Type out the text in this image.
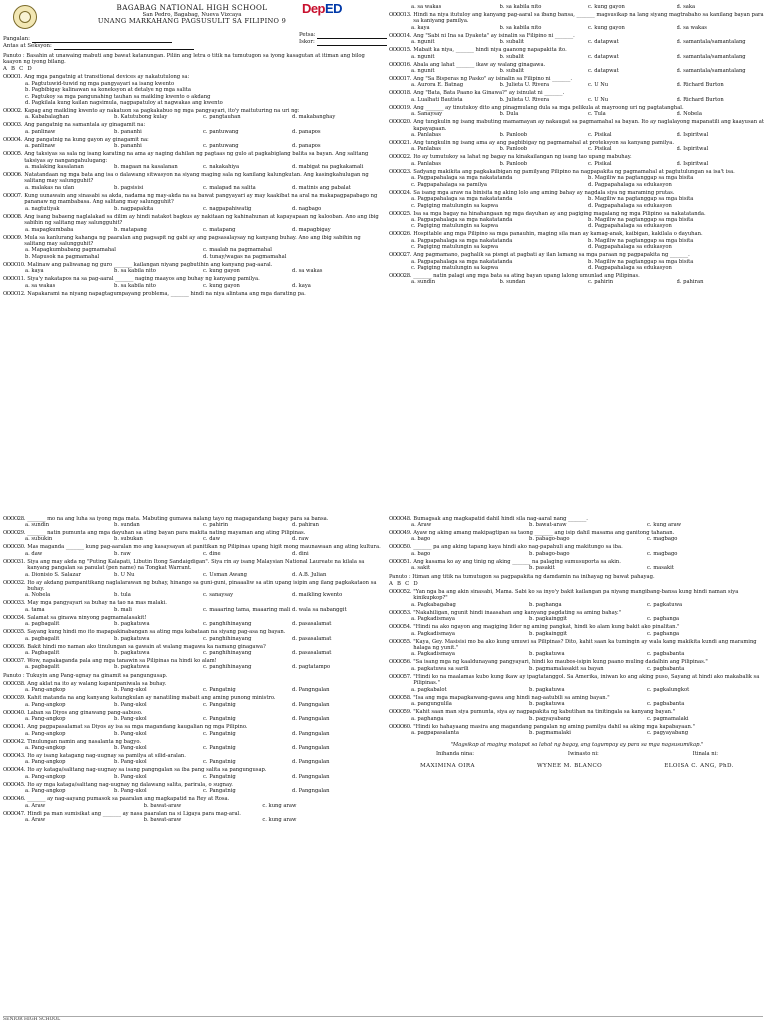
DepED
BAGABAG NATIONAL HIGH SCHOOL
San Pedro, Bagabag, Nueva Vizcaya
UNANG MARKAHANG PAGSUSULIT SA FILIPINO 9
Pangalan:
Antas at Seksyon:
Panuto : Basahin at unawaing mabuti ang bawat katanungan. Piliin ang letra o titik na tumutugon sa iyong kasagutan at itiman ang bilog kaayon ng iyong bilang.
A B C D
OOOO1. Ang mga pangatnig at transitional devices ay nakatutulong sa:
a. Pagtutuwid-tuwid ng mga pangyayari sa isang kwento
b. Pagbibigay kalinawan sa koneksyon at detalye ng mga salita
c. Pagtukoy sa mga pangunahing tauhan sa maikling kwento o akdang
d. Pagkilala kung kailan nagsimula, nagpapatuloy at nagwakas ang kwento
OOOO2. Kapag ang maikling kwento ay nakatuon sa pagkakabuo ng mga pangyayari, ito'y maituturing na uri ng:
a. Kababalaghan	b. Katutubong kulay	c. pangtauhan	d. makabanghay
OOOO3. Ang pangatnig na samantala ay ginagamit na:
a. panlinaw	b. pananhi	c. pantuwang	d. panapos
OOOO4. Ang pangatnig na kung gayon ay ginagamit na:
a. panlinaw	b. pananhi	c. pantuwang	d. panapos
OOOO5. Ang taksiyas sa sala ng isang karating na ama ay naging dahilan ng pagtaas ng gulo at pagkabiglang balita sa bayan. Ang salitang taksiyas ay nangangahulugang:
a. malaking kasalanan	b. magaan na kasalanan	c. nakakahiya	d. mabigat na pagkakamali
OOOO6. Natatandaan ng mga bata ang isa o dalawang sitwasyon na siyang maging sala ng kanilang kalungkutan. Ang kasingkahulugan ng salitang may salungguhit?
a. malakas na ulan	b. pagsisisi	c. malapad na salita	d. matinis ang pabalat
OOOO7. Kung uunawain ang sinasabi sa akda, nadama ng may-akda na sa bawat pangyayari ay may kaakibat na aral na makapagpapabago ng pananaw ng mambabasa. Ang salitang may salungguhit?
a. nagtutiyak	b. nagpapakita	c. nagpapahiwatig	d. nagbago
OOOO8. Ang isang babaeng naglalakad sa dilim ay hindi natakot bagkus ay nakitaan ng kahinahunan at kapayapaan ng kalooban. Ano ang ibig sabihin ng salitang may salungguhit?
a. mapagkumbaba	b. matapang	c. matapang	d. mapagbigay
OOOO9. Mula sa kanlurang kahanga ng paaralan ang pagsapit ng gabi ay ang pagsasalaysay ng kanyang buhay. Ano ang ibig sabihin ng salitang may salungguhit?
a. Mapagkumbabang pagmamahal	c. maalab na pagmamahal
b. Mapusok na pagmamahal	d. tunay/wagas na pagmamahal
OOOO10. Malinaw ang paliwanag ng guro _______ kailangan niyang pagbutihin ang kanyang pag-aaral.
a. kaya	b. sa kabila nito	c. kung gayon	d. sa wakas
OOOO11. Siya'y nakatapos na sa pag-aaral _______ naging maayos ang buhay ng kanyang pamilya.
a. sa wakas	b. sa kabila nito	c. kung gayon	d. kaya
OOOO12. Napakarami na niyang napagtagumpayang problema, _______ hindi na niya alintana ang mga darating pa.
Petsa:
Iskor:
a. sa wakas	b. sa kabila nito	c. kung gayon	d. saka
OOOO13. Hindi na niya itutuloy ang kanyang pag-aaral sa ibang bansa, _______ magsusikap na lang siyang magtrabaho sa kanilang bayan para sa kaniyang pamilya.
a. kaya	b. sa kabila nito	c. kung gayon	d. sa wakas
OOOO14. Ang "Sabi ni Ina sa Dyaketa" ay isinalin sa Filipino ni _______.
a. ngunit	b. subalit	c. datapwat	d. samantala/samantalang
OOOO15. Mabait ka niya, _______ hindi niya gaanong napapakita ito.
a. ngunit	b. subalit	c. datapwat	d. samantala/samantalang
OOOO16. Abala ang lahat _______ ikaw ay walang ginagawa.
a. ngunit	b. subalit	c. datapwat	d. samantala/samantalang
OOOO17. Ang "Sa Bisperas ng Pasko" ay isinalin sa Filipino ni _______.
a. Aurora E. Batnag	b. Julieta U. Rivera	c. U Nu	d. Richard Burton
OOOO18. Ang "Bata, Bata Paano ka Ginawa?" ay isinulat ni _______.
a. Lualhati Bautista	b. Julieta U. Rivera	c. U Nu	d. Richard Burton
OOOO19. Ang _______ ay tinutukoy dito ang pinagmulang dula sa mga pelikula at mayroong uri ng pagtatanghal.
a. Sanaysay	b. Dula	c. Tula	d. Nobela
OOOO20. Ang tungkulin ng isang mabuting mamamayan ay nakaugat sa pagmamahal sa bayan. Ito ay naglalayong mapanatili ang kaayusan at kapayapaan.
a. Panlabas	b. Panloob	c. Pisikal	d. Ispiritwal
OOOO21. Ang tungkulin ng isang ama ay ang pagbibigay ng pagmamahal at proteksyon sa kanyang pamilya.
a. Panlabas	b. Panloob	c. Pisikal	d. Ispiritwal
OOOO22. Ito ay tumutukoy sa lahat ng bagay na kinakailangan ng isang tao upang mabuhay.
a. Panlabas	b. Panloob	c. Pisikal	d. Ispiritwal
OOOO23. Sadyang makikita ang pagkakaibigan ng pamilyang Pilipino na nagpapakita ng pagmamahal at pagtutulungan sa isa't isa.
a. Pagpapahalaga sa mga nakatatanda	b. Magiliw na pagtanggap sa mga bisita
c. Pagpapahalaga sa pamilya	d. Pagpapahalaga sa edukasyon
OOOO24. Sa isang mga araw na binisita ng aking lolo ang aming bahay ay nagdala siya ng maraming prutas.
a. Pagpapahalaga sa mga nakatatanda	b. Magiliw na pagtanggap sa mga bisita
c. Pagiging matulungin sa kapwa	d. Pagpapahalaga sa edukasyon
OOOO25. Isa sa mga bagay na hinahangaan ng mga dayuhan ay ang pagiging magalang ng mga Pilipino sa nakatatanda.
a. Pagpapahalaga sa mga nakatatanda	b. Magiliw na pagtanggap sa mga bisita
c. Pagiging matulungin sa kapwa	d. Pagpapahalaga sa edukasyon
OOOO26. Hospitable ang mga Pilipino sa mga panauhin, maging sila man ay kamag-anak, kaibigan, kakilala o dayuhan.
a. Pagpapahalaga sa mga nakatatanda	b. Magiliw na pagtanggap sa mga bisita
c. Pagiging matulungin sa kapwa	d. Pagpapahalaga sa edukasyon
OOOO27. Ang pagmamano, paghalik sa pisngi at pagbati ay ilan lamang sa mga paraan ng pagpapakita ng _______.
a. Pagpapahalaga sa mga nakatatanda	b. Magiliw na pagtanggap sa mga bisita
c. Pagiging matulungin sa kapwa	d. Pagpapahalaga sa edukasyon
OOOO28. _______ natin palagi ang mga bata sa ating bayan upang lalong umunlad ang Pilipinas.
a. sundin	b. sundan	c. pahirin	d. pahiran
OOOO28. _______ mo na ang luha sa iyong mga mata. Mabuting gumawa nalang tayo ng magagandang bagay para sa bansa.
a. sundin	b. sundan	c. pahirin	d. pahiran
OOOO29. _______ natin pumunta ang mga dayuhan sa ating bayan para makita nating mayaman ang ating Pilipinas.
a. subukin	b. subukan	c. daw	d. raw
OOOO30. Mas maganda _______ kung pag-aaralan mo ang kasaysayan at panitikan ng Pilipinas upang higit mong maunawaan ang ating kultura.
a. daw	b. raw	c. dine	d. dini
OOOO31. Siya ang may akda ng "Puting Kalapati, Libutin Itong Sandaigdigan". Siya rin ay isang Malaysian National Laureate na kilala sa kanyang pangalan sa panulat (pen name) na Tongkat Warrant.
a. Dionisio S. Salazar	b. U Nu	c. Usman Awang	d. A.B. Julian
OOOO32. Ito ay akdang pampanitikang naglalarawan ng buhay, hinango sa guni-guni, pinaaaliw sa atin upang isipin ang ilang pagkakataon sa buhay.
a. Nobela	b. tula	c. sanaysay	d. maikling kwento
OOOO33. May mga pangyayari sa buhay na tao na mas malaki.
a. tama	b. mali	c. maaaring tama, maaaring mali d. wala sa nabanggit
OOOO34. Salamat sa ginawa ninyong pagmamalasakit!
a. pagbagalit	b. pagkatuwa	c. panghihinayang	d. pasasalamat
OOOO35. Sayang kung hindi mo ito mapapakinabangan sa ating mga kabataan na siyang pag-asa ng bayan.
a. pagbagalit	b. pagkatuwa	c. panghihinayang	d. pasasalamat
OOOO36. Bakit hindi mo naman ako tinulungan sa gawain at walang magawa ka namang ginagawa?
a. Pagbagalit	b. pagkatuwa	c. panghihinayang	d. pasasalamat
OOOO37. Wow, napakaganda pala ang mga tanawin sa Pilipinas na hindi ko alam!
a. pagbagalit	b. pagkatuwa	c. panghihinayang	d. pagtatampo
Panuto : Tukuyin ang Pang-ugnay na ginamit sa pangungusap.
OOOO38. Ang aklat na ito ay walang kapanipaniwala sa buhay.
a. Pang-angkop	b. Pang-ukol	c. Pangatnig	d. Pangngalan
OOOO39. Kahit matanda na ang kanyang katungkulan ay nanatiling mabait ang aming punong ministro.
a. Pang-angkop	b. Pang-ukol	c. Pangatnig	d. Pangngalan
OOOO40. Laban sa Diyos ang ginawang pang-aabuso.
a. Pang-angkop	b. Pang-ukol	c. Pangatnig	d. Pangngalan
OOOO41. Ang pagpapasalamat sa Diyos ay isa sa mga magandang kaugalian ng mga Pilipino.
a. Pang-angkop	b. Pang-ukol	c. Pangatnig	d. Pangngalan
OOOO42. Tinulungan namin ang nasalanta ng bagyo.
a. Pang-angkop	b. Pang-ukol	c. Pangatnig	d. Pangngalan
OOOO43. Ito ay isang katagang nag-uugnay sa pamilya at silid-aralan.
a. Pang-angkop	b. Pang-ukol	c. Pangatnig	d. Pangngalan
OOOO44. Ito ay kataga/salitang nag-uugnay sa isang pangngalan sa iba pang salita sa pangungusap.
a. Pang-angkop	b. Pang-ukol	c. Pangatnig	d. Pangngalan
OOOO45. Ito ay mga kataga/salitang nag-uugnay ng dalawang salita, parirala, o sugnay.
a. Pang-angkop	b. Pang-ukol	c. Pangatnig	d. Pangngalan
OOOO46. _______ ay nag-aayang pumasok sa paaralan ang magkapatid na Rey at Rosa.
a. Araw	b. bawat-araw	c. kung araw
OOOO47. Hindi pa man sumisikat ang _______ ay nasa paaralan na si Ligaya para mag-aral.
a. Araw	b. bawat-araw	c. kung araw
OOOO48. Bumagsak ang magkapatid dahil hindi sila nag-aaral nang _______.
a. Araw	b. bawat-araw	c. kung araw
OOOO49. Ayaw ng aking amang makipagtipan sa taong _______ ang isip dahil masama ang ganitong tahanan.
a. bago	b. pabago-bago	c. magbago
OOOO50. _______ pa ang aking tapang kaya hindi ako nag-papahuli ang makitungo sa iba.
a. bago	b. pabago-bago	c. magbago
OOOO51. Ang kasama ko ay ang tinig ng aking _______ na palaging sumusuporta sa akin.
a. sakit	b. pasakit	c. masakit
Panuto : Itiman ang titik na tumutugon sa pagpapakita ng damdamin na inihayag ng bawat pahayag.
A B C D
OOOO52. "Yan nga ba ang akin sinasabi, Mama. Sabi ko sa inyo'y bakit kailangan pa niyang mangibang-bansa kung hindi naman siya kinikupkop?"
a. Pagkabagabag	b. paghanga	c. pagkatuwa
OOOO53. "Nakahiligan, ngunit hindi inaasahan ang kanyang pagdating sa aming bahay."
a. Pagkadismaya	b. pagkainggit	c. paghanga
OOOO54. "Hindi na ako ngayon ang magiging lider ng aming pangkat, hindi ko alam kung bakit ako pinalitan."
a. Pagkadismaya	b. pagkainggit	c. paghanga
OOOO55. "Kaya, Gey. Masisisi mo ba ako kung umuwi sa Pilipinas? Dito, kahit saan ka tumingin ay wala kang makikita kundi ang maraming halaga ng yunit."
a. Pagkadismaya	b. pagkatuwa	c. pagbabanta
OOOO56. "Sa isang mga ng kaaldunayang pangyayari, hindi ko maubos-isipin kung paano muling dadalhin ang Pilipinas."
a. pagkatuwa sa sarili	b. pagmamalasakit sa bayan	c. pagbabanta
OOOO57. "Hindi ko na maalamas kubo kung ikaw ay ipagtatanggol. Sa Amerika, iniwan ko ang aking puso, Sayang at hindi ako makabalik sa Pilipinas."
a. pagkabalot	b. pagkatuwa	c. pagkalungkot
OOOO58. "Isa ang mga mapagkawang-gawa ang hindi nag-aatubili sa aming bayan."
a. pangungulila	b. pagkatuwa	c. pagbabanta
OOOO59. "Kahit saan man siya pumunta, siya ay nagpapakita ng kabutihan na tinitingala sa kanyang bayan."
a. paghanga	b. pagyayabang	c. pagmamalaki
OOOO60. "Hindi ko hahayaang masira ang magandang pangalan ng aming pamilya dahil sa aking mga kapabayaan."
a. pagpapasalanta	b. pagmamalaki	c. pagyayabang
"Magsikap at maging matapat sa lahat ng bagay, ang tagumpay ay para sa mga nagsusumikap."
Inihanda nina:	Iwinasto ni:	Itinala ni:
MAXIMINA OIRA	WYNEE M. BLANCO	ELOISA C. ANG, PhD.
SENIOR HIGH SCHOOL
